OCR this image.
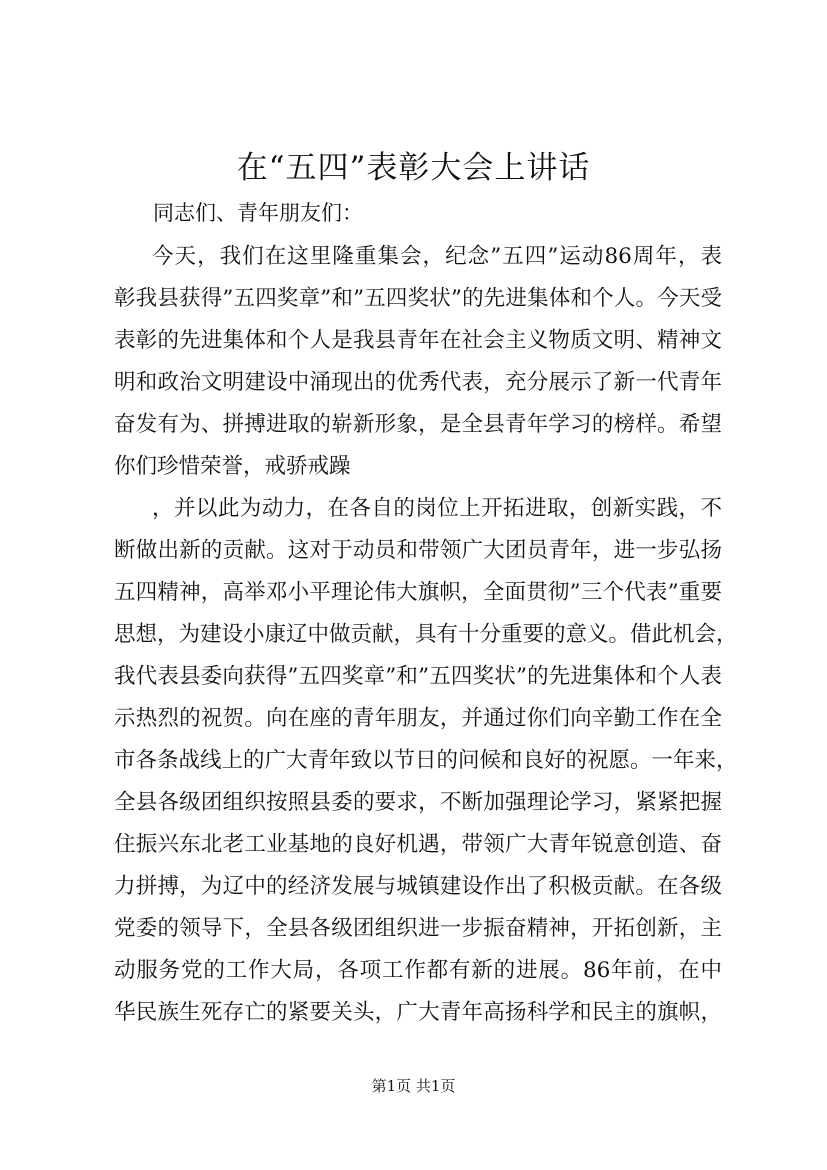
在“五四”表彰大会上讲话

同志们、青年朋友们：

今天，我们在这里隆重集会，纪念”五四”运动86周年，表
彰我县获得”五四奖章”和”五四奖状”的先进集体和个人。今天受
表彰的先进集体和个人是我县青年在社会主义物质文明、精神文
明和政治文明建设中涌现出的优秀代表，充分展示了新一代青年
奋发有为、拼搏进取的崭新形象，是全县青年学习的榜样。希望
你们珍惜荣誉，戒骄戒躁
，并以此为动力，在各自的岗位上开拓进取，创新实践，不
断做出新的贡献。这对于动员和带领广大团员青年，进一步弘扬
五四精神，高举邓小平理论伟大旗帜，全面贯彻”三个代表”重要
思想，为建设小康辽中做贡献，具有十分重要的意义。借此机会，
我代表县委向获得”五四奖章”和”五四奖状”的先进集体和个人表
示热烈的祝贺。向在座的青年朋友，并通过你们向辛勤工作在全
市各条战线上的广大青年致以节日的问候和良好的祝愿。一年来，
全县各级团组织按照县委的要求，不断加强理论学习，紧紧把握
住振兴东北老工业基地的良好机遇，带领广大青年锐意创造、奋
力拼搏，为辽中的经济发展与城镇建设作出了积极贡献。在各级
党委的领导下，全县各级团组织进一步振奋精神，开拓创新，主
动服务党的工作大局，各项工作都有新的进展。86年前，在中
华民族生死存亡的紧要关头，广大青年高扬科学和民主的旗帜，

第1页 共1页
